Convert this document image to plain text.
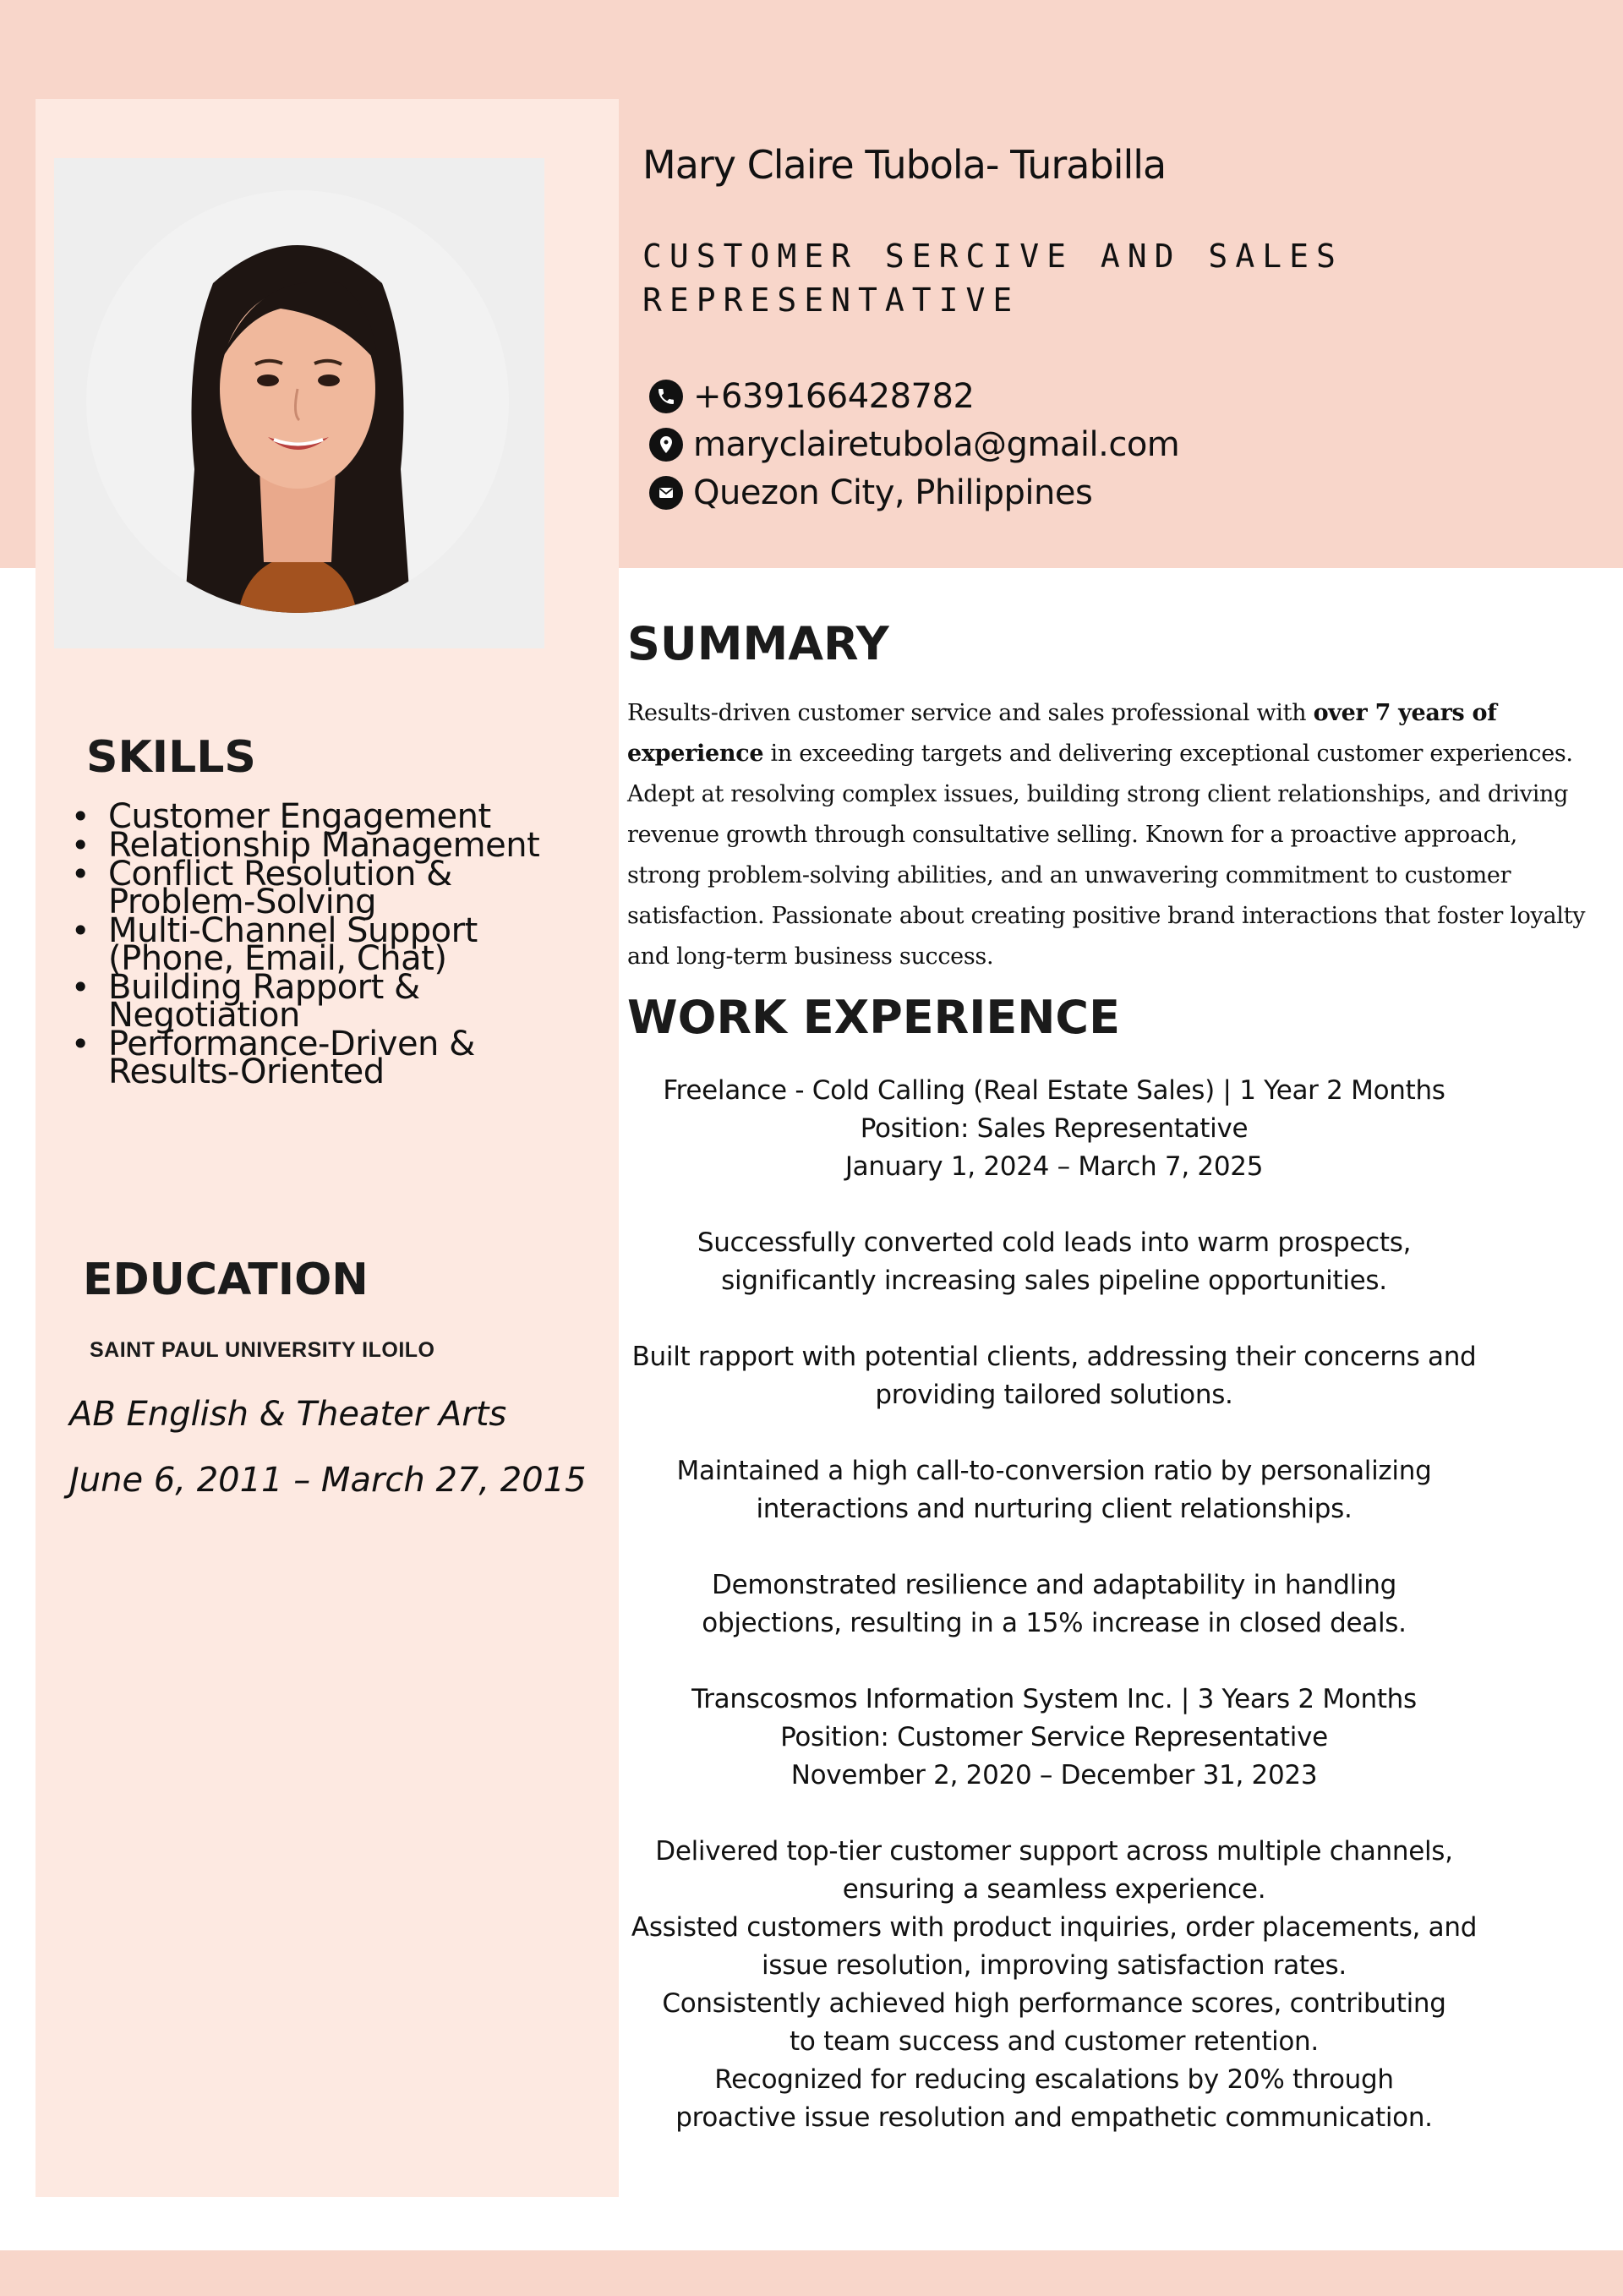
Mary Claire Tubola- Turabilla
CUSTOMER SERCIVE AND SALES REPRESENTATIVE
+639166428782
maryclairetubola@gmail.com
Quezon City, Philippines
SKILLS
• Customer Engagement
• Relationship Management
• Conflict Resolution &
Problem-Solving
• Multi-Channel Support
(Phone, Email, Chat)
• Building Rapport &
Negotiation
• Performance-Driven &
Results-Oriented
EDUCATION
SAINT PAUL UNIVERSITY ILOILO
AB English & Theater Arts
June 6, 2011 – March 27, 2015
SUMMARY
Results-driven customer service and sales professional with over 7 years of experience in exceeding targets and delivering exceptional customer experiences. Adept at resolving complex issues, building strong client relationships, and driving revenue growth through consultative selling. Known for a proactive approach, strong problem-solving abilities, and an unwavering commitment to customer satisfaction. Passionate about creating positive brand interactions that foster loyalty and long-term business success.
WORK EXPERIENCE

Freelance - Cold Calling (Real Estate Sales) | 1 Year 2 Months

Position: Sales Representative

January 1, 2024 – March 7, 2025

Successfully converted cold leads into warm prospects, significantly increasing sales pipeline opportunities.

Built rapport with potential clients, addressing their concerns and providing tailored solutions.

Maintained a high call-to-conversion ratio by personalizing interactions and nurturing client relationships.

Demonstrated resilience and adaptability in handling objections, resulting in a 15% increase in closed deals.

Transcosmos Information System Inc. | 3 Years 2 Months

Position: Customer Service Representative

November 2, 2020 – December 31, 2023

Delivered top-tier customer support across multiple channels, ensuring a seamless experience.

Assisted customers with product inquiries, order placements, and issue resolution, improving satisfaction rates.

Consistently achieved high performance scores, contributing to team success and customer retention.

Recognized for reducing escalations by 20% through proactive issue resolution and empathetic communication.
